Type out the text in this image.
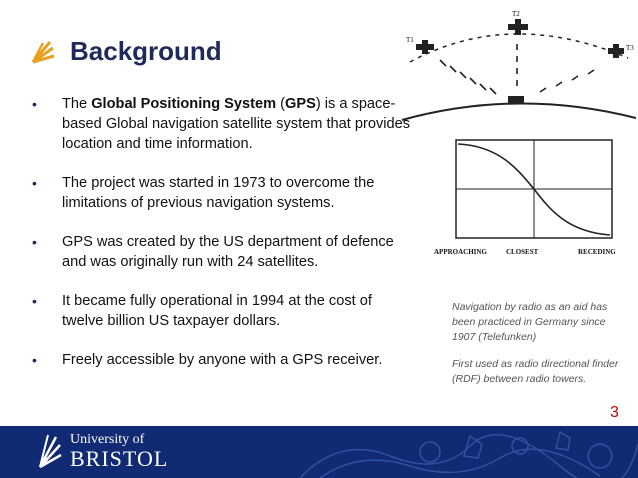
Background
• The Global Positioning System (GPS) is a space-based Global navigation satellite system that provides location and time information.
• The project was started in 1973 to overcome the limitations of previous navigation systems.
• GPS was created by the US department of defence and was originally run with 24 satellites.
• It became fully operational in 1994 at the cost of twelve billion US taxpayer dollars.
• Freely accessible by anyone with a GPS receiver.
T1
T2
T3
APPROACHING	CLOSEST	RECEDING

Navigation by radio as an aid has been practiced in Germany since 1907 (Telefunken)

First used as radio directional finder (RDF) between radio towers.

3
University of
BRISTOL
